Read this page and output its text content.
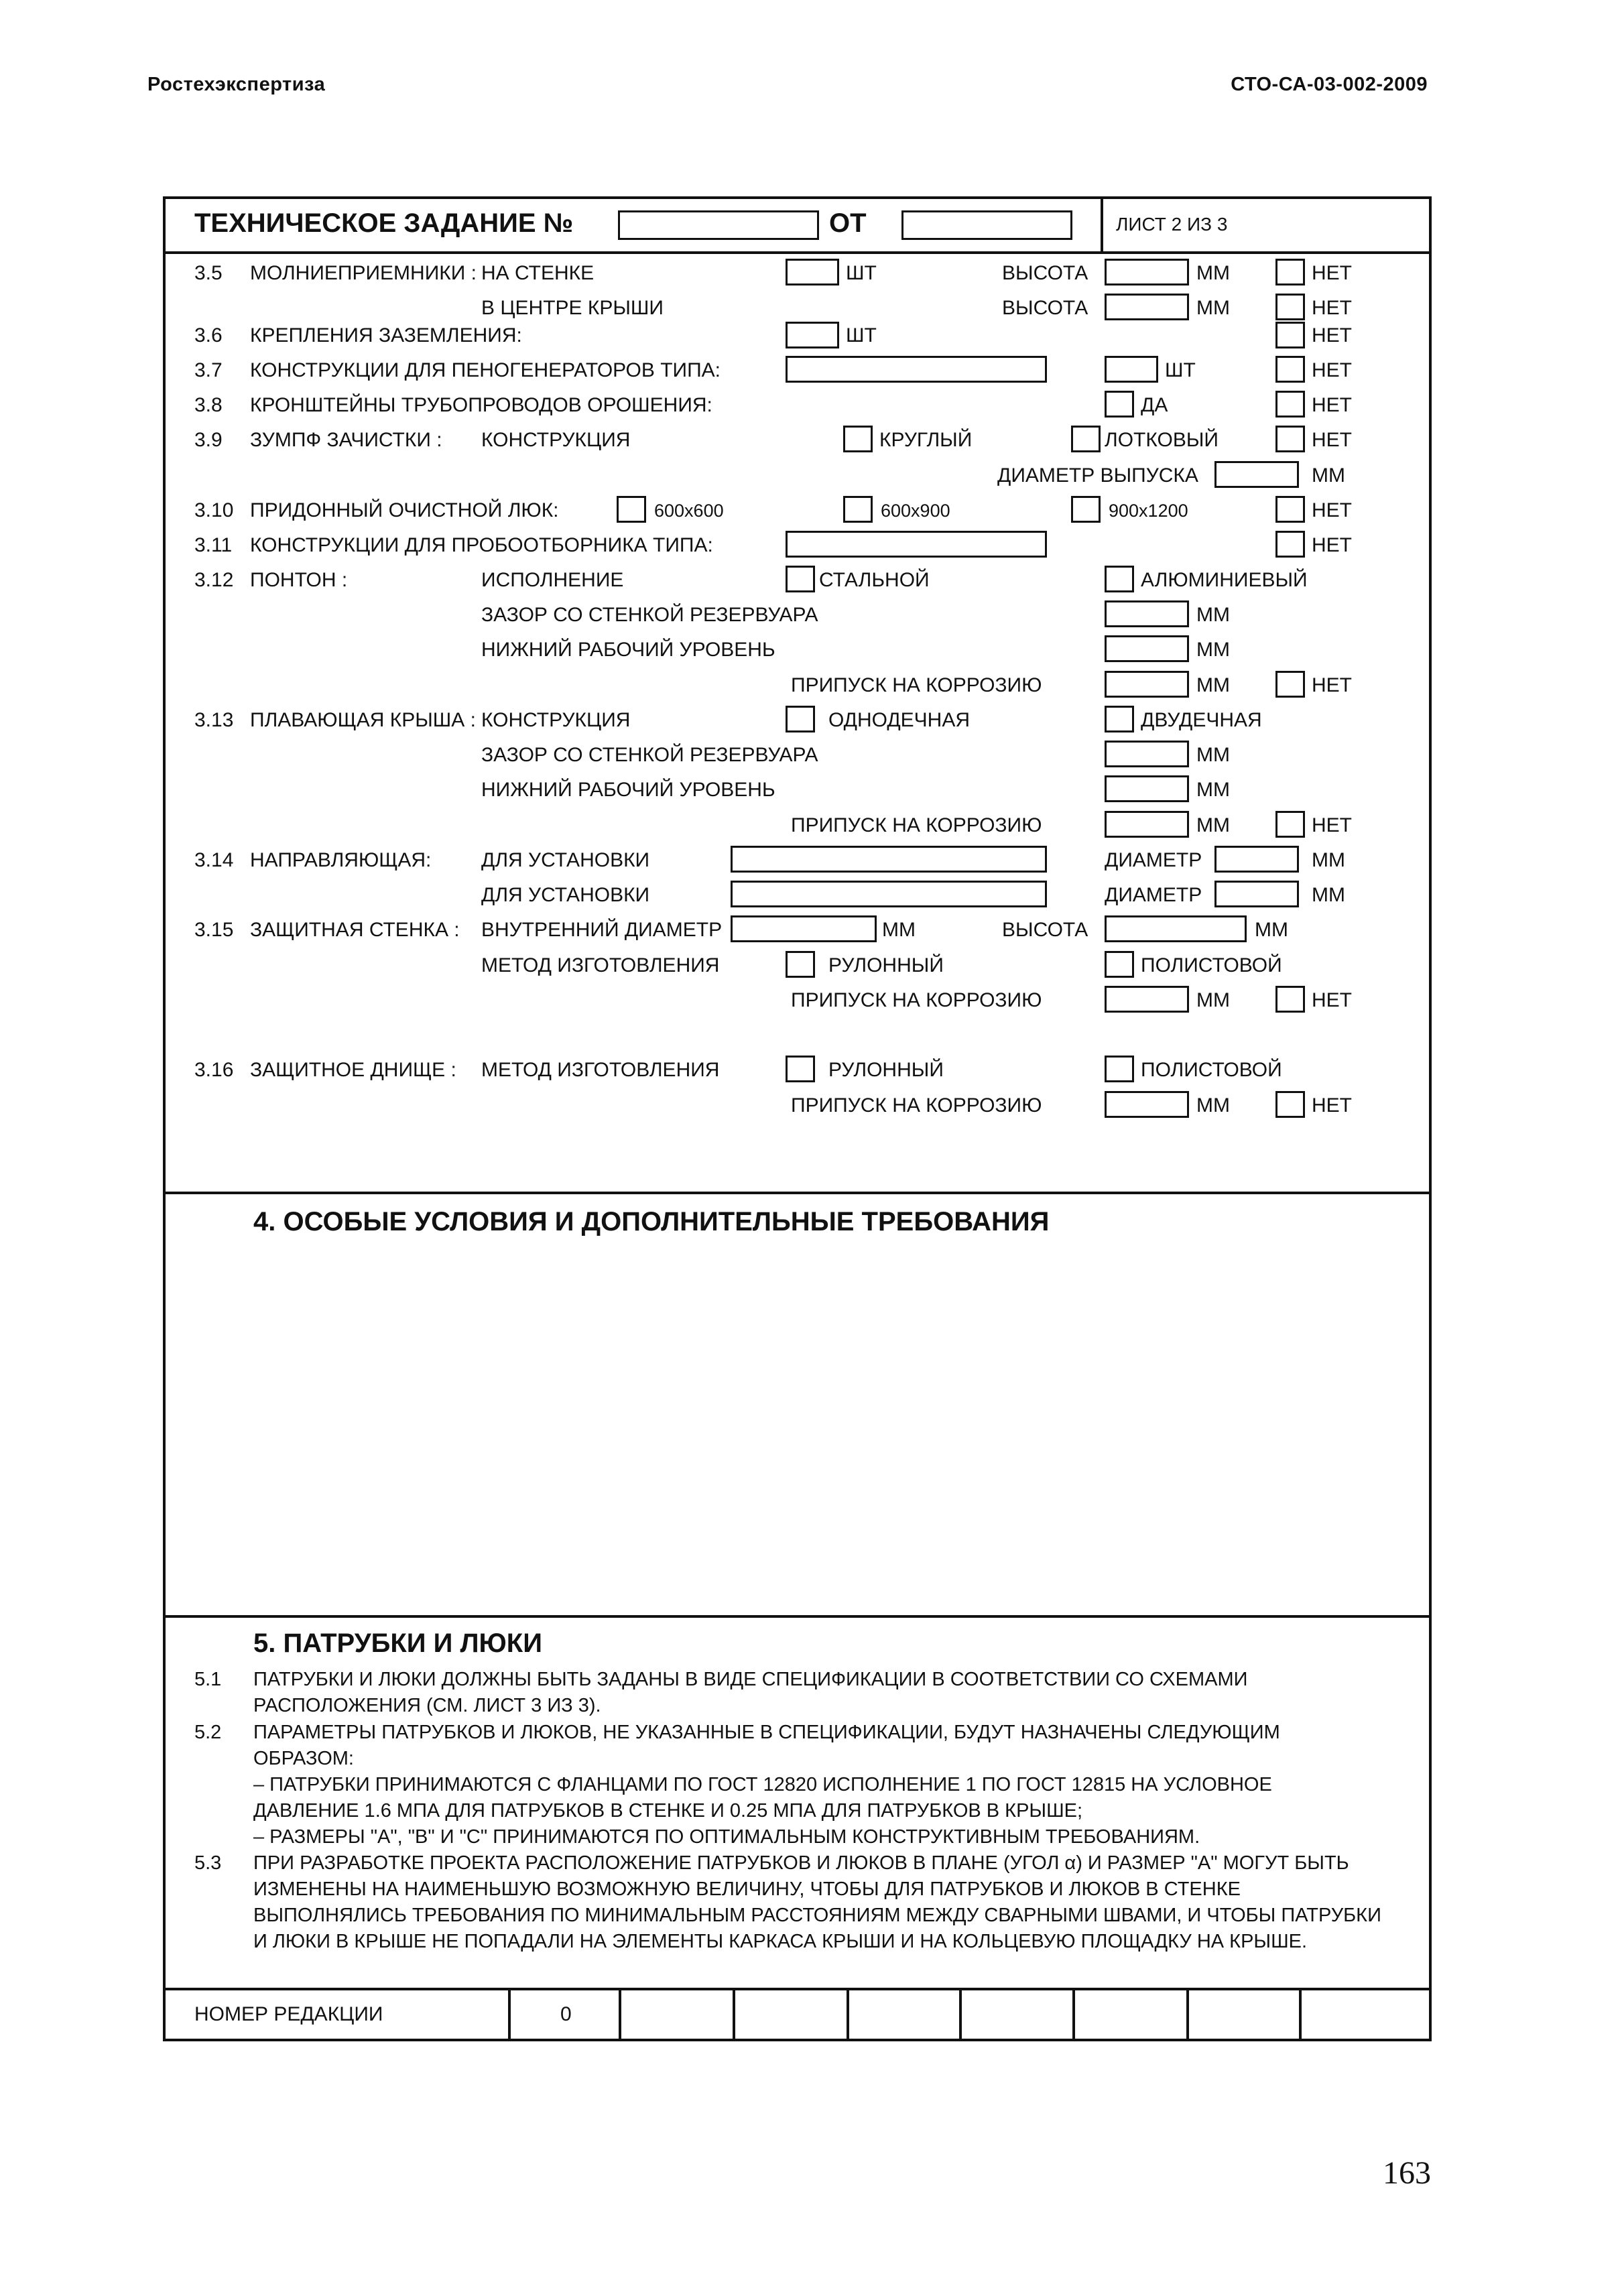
Ростехэкспертиза	СТО-СА-03-002-2009
ТЕХНИЧЕСКОЕ ЗАДАНИЕ №	ОТ	ЛИСТ 2 ИЗ 3
3.5 МОЛНИЕПРИЕМНИКИ : НА СТЕНКЕ	ШТ	ВЫСОТА	ММ	НЕТ
В ЦЕНТРЕ КРЫШИ	ВЫСОТА	ММ	НЕТ
3.6 КРЕПЛЕНИЯ ЗАЗЕМЛЕНИЯ:	ШТ	НЕТ
3.7 КОНСТРУКЦИИ ДЛЯ ПЕНОГЕНЕРАТОРОВ ТИПА:	ШТ	НЕТ
3.8 КРОНШТЕЙНЫ ТРУБОПРОВОДОВ ОРОШЕНИЯ:	ДА	НЕТ
3.9 ЗУМПФ ЗАЧИСТКИ : КОНСТРУКЦИЯ	КРУГЛЫЙ	ЛОТКОВЫЙ	НЕТ
ДИАМЕТР ВЫПУСКА	ММ
3.10 ПРИДОННЫЙ ОЧИСТНОЙ ЛЮК:	600x600	600x900	900x1200	НЕТ
3.11 КОНСТРУКЦИИ ДЛЯ ПРОБООТБОРНИКА ТИПА:	НЕТ
3.12 ПОНТОН :	ИСПОЛНЕНИЕ	СТАЛЬНОЙ	АЛЮМИНИЕВЫЙ
ЗАЗОР СО СТЕНКОЙ РЕЗЕРВУАРА	ММ
НИЖНИЙ РАБОЧИЙ УРОВЕНЬ	ММ
ПРИПУСК НА КОРРОЗИЮ	ММ	НЕТ
3.13 ПЛАВАЮЩАЯ КРЫША : КОНСТРУКЦИЯ	ОДНОДЕЧНАЯ	ДВУДЕЧНАЯ
ЗАЗОР СО СТЕНКОЙ РЕЗЕРВУАРА	ММ
НИЖНИЙ РАБОЧИЙ УРОВЕНЬ	ММ
ПРИПУСК НА КОРРОЗИЮ	ММ	НЕТ
3.14 НАПРАВЛЯЮЩАЯ: ДЛЯ УСТАНОВКИ	ДИАМЕТР	ММ
ДЛЯ УСТАНОВКИ	ДИАМЕТР	ММ
3.15 ЗАЩИТНАЯ СТЕНКА : ВНУТРЕННИЙ ДИАМЕТР	ММ	ВЫСОТА	ММ
МЕТОД ИЗГОТОВЛЕНИЯ	РУЛОННЫЙ	ПОЛИСТОВОЙ
ПРИПУСК НА КОРРОЗИЮ	ММ	НЕТ
3.16 ЗАЩИТНОЕ ДНИЩЕ : МЕТОД ИЗГОТОВЛЕНИЯ	РУЛОННЫЙ	ПОЛИСТОВОЙ
ПРИПУСК НА КОРРОЗИЮ	ММ	НЕТ
4. ОСОБЫЕ УСЛОВИЯ И ДОПОЛНИТЕЛЬНЫЕ ТРЕБОВАНИЯ
5. ПАТРУБКИ И ЛЮКИ
5.1 ПАТРУБКИ И ЛЮКИ ДОЛЖНЫ БЫТЬ ЗАДАНЫ В ВИДЕ СПЕЦИФИКАЦИИ В СООТВЕТСТВИИ СО СХЕМАМИ
РАСПОЛОЖЕНИЯ (СМ. ЛИСТ 3 ИЗ 3).
5.2 ПАРАМЕТРЫ ПАТРУБКОВ И ЛЮКОВ, НЕ УКАЗАННЫЕ В СПЕЦИФИКАЦИИ, БУДУТ НАЗНАЧЕНЫ СЛЕДУЮЩИМ
ОБРАЗОМ:
– ПАТРУБКИ ПРИНИМАЮТСЯ С ФЛАНЦАМИ ПО ГОСТ 12820 ИСПОЛНЕНИЕ 1 ПО ГОСТ 12815 НА УСЛОВНОЕ
ДАВЛЕНИЕ 1.6 МПА ДЛЯ ПАТРУБКОВ В СТЕНКЕ И 0.25 МПА ДЛЯ ПАТРУБКОВ В КРЫШЕ;
– РАЗМЕРЫ "А", "В" И "С" ПРИНИМАЮТСЯ ПО ОПТИМАЛЬНЫМ КОНСТРУКТИВНЫМ ТРЕБОВАНИЯМ.
5.3 ПРИ РАЗРАБОТКЕ ПРОЕКТА РАСПОЛОЖЕНИЕ ПАТРУБКОВ И ЛЮКОВ В ПЛАНЕ (УГОЛ α) И РАЗМЕР "А" МОГУТ БЫТЬ
ИЗМЕНЕНЫ НА НАИМЕНЬШУЮ ВОЗМОЖНУЮ ВЕЛИЧИНУ, ЧТОБЫ ДЛЯ ПАТРУБКОВ И ЛЮКОВ В СТЕНКЕ
ВЫПОЛНЯЛИСЬ ТРЕБОВАНИЯ ПО МИНИМАЛЬНЫМ РАССТОЯНИЯМ МЕЖДУ СВАРНЫМИ ШВАМИ, И ЧТОБЫ ПАТРУБКИ
И ЛЮКИ В КРЫШЕ НЕ ПОПАДАЛИ НА ЭЛЕМЕНТЫ КАРКАСА КРЫШИ И НА КОЛЬЦЕВУЮ ПЛОЩАДКУ НА КРЫШЕ.
НОМЕР РЕДАКЦИИ	0
163
